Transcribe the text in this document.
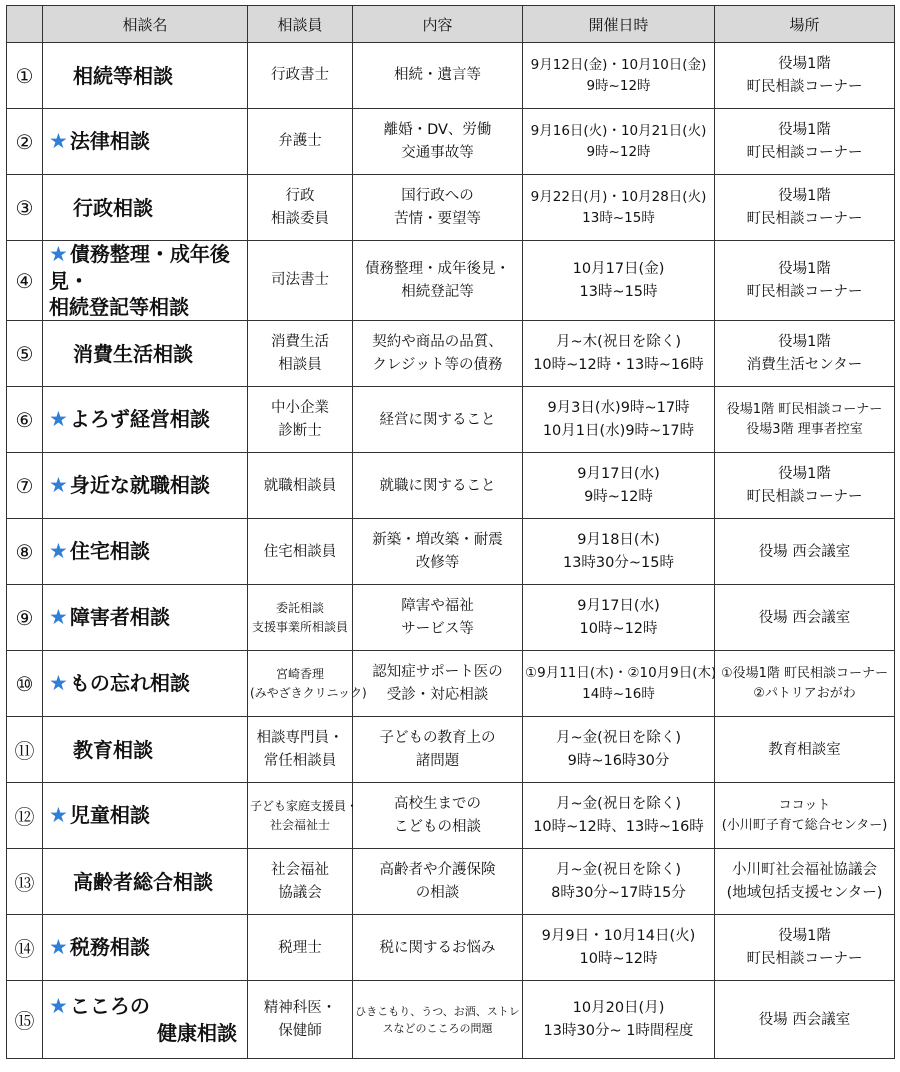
	相談名	相談員	内容	開催日時	場所
①	相続等相談	行政書士	相続・遺言等	9月12日(金)・10月10日(金)
9時~12時	役場1階
町民相談コーナー

②	★ 法律相談	弁護士	離婚・DV、労働
交通事故等	9月16日(火)・10月21日(火)
9時~12時	役場1階
町民相談コーナー

③	行政相談	行政
相談委員	国行政への
苦情・要望等	9月22日(月)・10月28日(火)
13時~15時	役場1階
町民相談コーナー

④	★ 債務整理・成年後見・
相続登記等相談	司法書士	債務整理・成年後見・
相続登記等	10月17日(金)
13時~15時	役場1階
町民相談コーナー

⑤	消費生活相談	消費生活
相談員	契約や商品の品質、
クレジット等の債務	月~木(祝日を除く)
10時~12時・13時~16時	役場1階
消費生活センター

⑥	★ よろず経営相談	中小企業
診断士	経営に関すること	9月3日(水)9時~17時
10月1日(水)9時~17時	役場1階 町民相談コーナー
役場3階 理事者控室

⑦	★ 身近な就職相談	就職相談員	就職に関すること	9月17日(水)
9時~12時	役場1階
町民相談コーナー

⑧	★ 住宅相談	住宅相談員	新築・増改築・耐震
改修等	9月18日(木)
13時30分~15時	役場 西会議室

⑨	★ 障害者相談	委託相談
支援事業所相談員	障害や福祉
サービス等	9月17日(水)
10時~12時	役場 西会議室

⑩	★ もの忘れ相談	宮崎香理
(みやざきクリニック)	認知症サポート医の
受診・対応相談	①9月11日(木)・②10月9日(木)
14時~16時	①役場1階 町民相談コーナー
②パトリアおがわ

⑪	教育相談	相談専門員・
常任相談員	子どもの教育上の
諸問題	月~金(祝日を除く)
9時~16時30分	教育相談室

⑫	★ 児童相談	子ども家庭支援員・
社会福祉士	高校生までの
こどもの相談	月~金(祝日を除く)
10時~12時、13時~16時	ココット
(小川町子育て総合センター)

⑬	高齢者総合相談	社会福祉
協議会	高齢者や介護保険
の相談	月~金(祝日を除く)
8時30分~17時15分	小川町社会福祉協議会
(地域包括支援センター)

⑭	★ 税務相談	税理士	税に関するお悩み	9月9日・10月14日(火)
10時~12時	役場1階
町民相談コーナー

⑮	★ こころの
健康相談	精神科医・
保健師	ひきこもり、うつ、お酒、ストレ
スなどのこころの問題	10月20日(月)
13時30分~ 1時間程度	役場 西会議室
